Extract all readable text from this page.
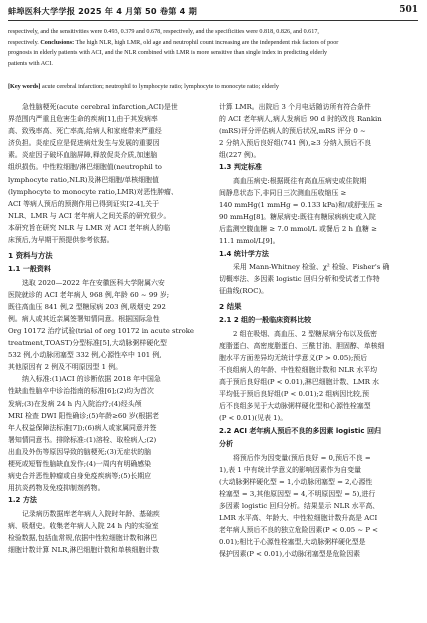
蚌埠医科大学学报 2025 年 4 月第 50 卷第 4 期	501
respectively, and the sensitivities were 0.493, 0.379 and 0.678, respectively, and the specificities were 0.818, 0.826, and 0.617,
respectively. Conclusions: The high NLR, high LMR, old age and neutrophil count increasing are the independent risk factors of poor
prognosis in elderly patients with ACI, and the NLR combined with LMR is more sensitive than single index in predicting elderly
patients with ACI.
[Key words] acute cerebral infarction; neutrophil to lymphocyte ratio; lymphocyte to monocyte ratio; elderly
急性脑梗死(acute cerebral infarction,ACI)是世
界范围内严重且危害生命的疾病[1],由于其发病率
高、致残率高、死亡率高,给病人和家庭带来严重经
济负担。炎症反应是促进病灶发生与发展的重要因
素。炎症因子破坏血脑屏障,释放促炎介质,加速脑
组织损伤。中性粒细胞/淋巴细胞值(neutrophil to
lymphocyte ratio,NLR)及淋巴细胞/单核细胞值
(lymphocyte to monocyte ratio,LMR)对恶性肿瘤、
ACI 等病人预后的预测作用已得到证实[2-4],关于
NLR、LMR 与 ACI 老年病人之间关系的研究很少。
本研究旨在研究 NLR 与 LMR 对 ACI 老年病人的临
床预后,为早期干预提供参考依据。
1 资料与方法
1.1 一般资料
选取 2020—2022 年在安徽医科大学附属六安
医院就诊的 ACI 老年病人 968 例,年龄 60 ~ 99 岁;
既往高血压 841 例,2 型糖尿病 203 例,吸烟史 292
例。病人或其近亲属签署知情同意。根据国际急性
Org 10172 治疗试验(trial of org 10172 in acute stroke
treatment,TOAST)分型标准[5],大动脉粥样硬化型
532 例,小动脉闭塞型 332 例,心源性卒中 101 例,
其他原因有 2 例及不明原因型 1 例。
纳入标准:(1)ACI 的诊断依据 2018 年中国急
性缺血性脑卒中诊治指南的标准[6];(2)均为首次
发病;(3)在发病 24 h 内入院治疗;(4)经头颅
MRI 检查 DWI 阳性确诊;(5)年龄≥60 岁(根据老
年人权益保障法标准[7]);(6)病人或家属同意并签
署知情同意书。排除标准:(1)溶栓、取栓病人;(2)
出血及外伤等原因导致的脑梗死;(3)无症状的脑
梗死或短暂性脑缺血发作;(4)一周内有明确感染
病史合并恶性肿瘤或自身免疫疾病等;(5)长期应
用抗炎药物及免疫抑制剂药物。
1.2 方法
记录病历数据库老年病人入院时年龄、基础疾
病、吸烟史。收集老年病人入院 24 h 内的实验室
检验数据,包括血常规,依据中性粒细胞计数和淋巴
细胞计数计算 NLR,淋巴细胞计数和单核细胞计数
计算 LMR。出院后 3 个月电话随访所有符合条件
的 ACI 老年病人,病人发病后 90 d 时的改良 Rankin
(mRS)评分评估病人的预后状况,mRS 评分 0 ~
2 分纳入预后良好组(741 例),≥3 分纳入预后不良
组(227 例)。
1.3 判定标准
高血压病史:根据既往有高血压病史或住院期
间静息状态下,非同日三次测血压收缩压 ≥
140 mmHg(1 mmHg = 0.133 kPa)和/或舒张压 ≥
90 mmHg[8]。糖尿病史:既往有糖尿病病史或入院
后监测空腹血糖 ≥ 7.0 mmol/L 或餐后 2 h 血糖 ≥
11.1 mmol/L[9]。
1.4 统计学方法
采用 Mann-Whitney 检验、χ² 检验、Fisher's 确
切概率法、多因素 logistic 回归分析和受试者工作特
征曲线(ROC)。
2 结果
2.1 2 组的一般临床资料比较
2 组在吸烟、高血压、2 型糖尿病分布以及低密
度脂蛋白、高密度脂蛋白、三酰甘油、胆固醇、单核细
胞水平方面差异均无统计学意义(P > 0.05);预后
不良组病人的年龄、中性粒细胞计数和 NLR 水平均
高于预后良好组(P < 0.01),淋巴细胞计数、LMR 水
平均低于预后良好组(P < 0.01);2 组病因比较,预
后不良组多见于大动脉粥样硬化型和心源性栓塞型
(P < 0.01)(见表 1)。
2.2 ACI 老年病人预后不良的多因素 logistic 回归
分析
将预后作为因变量(预后良好 = 0,预后不良 =
1),表 1 中有统计学意义的影响因素作为自变量
(大动脉粥样硬化型 = 1,小动脉闭塞型 = 2,心源性
栓塞型 = 3,其他原因型 = 4,不明原因型 = 5),进行
多因素 logistic 回归分析。结果显示 NLR 水平高、
LMR 水平高、年龄大、中性粒细胞计数升高是 ACI
老年病人预后不良的独立危险因素(P < 0.05 ~ P <
0.01);相比于心源性栓塞型,大动脉粥样硬化型是
保护因素(P < 0.01),小动脉闭塞型是危险因素
